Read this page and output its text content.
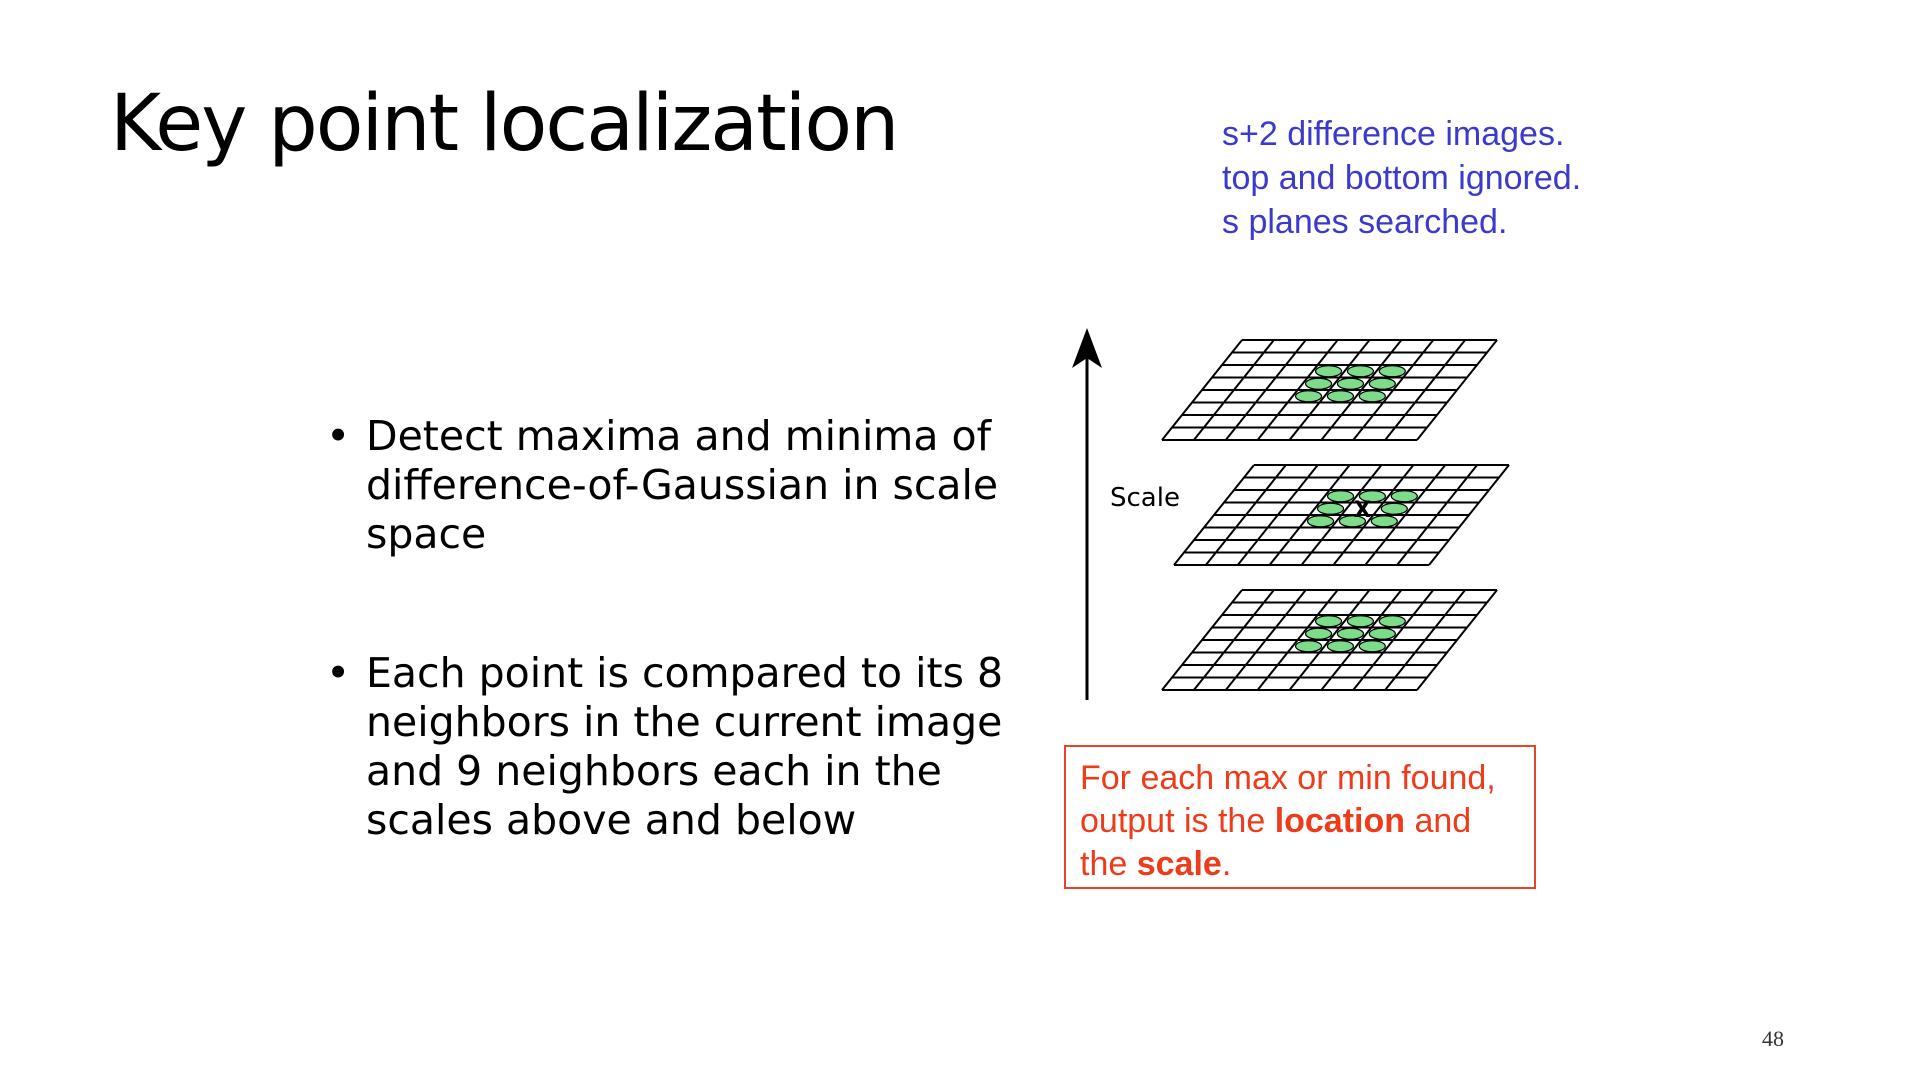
Key point localization	s+2 difference images.
top and bottom ignored.
s planes searched.
• Detect maxima and minima of difference-of-Gaussian in scale space
• Each point is compared to its 8 neighbors in the current image and 9 neighbors each in the scales above and below
Scale	X
For each max or min found,
output is the location and
the scale.
48
